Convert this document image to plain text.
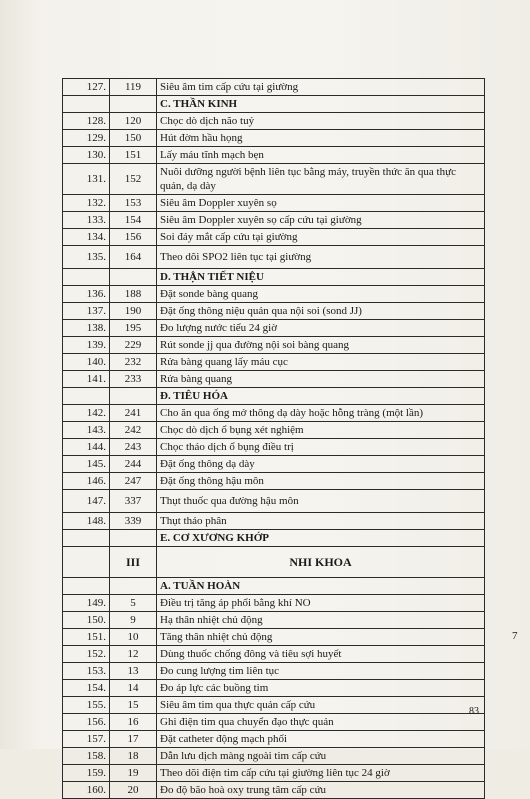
127.	119	Siêu âm tim cấp cứu tại giường
		C. THẦN KINH
128.	120	Chọc dò dịch não tuỷ
129.	150	Hút đờm hầu họng
130.	151	Lấy máu tĩnh mạch bẹn
131.	152	Nuôi dưỡng người bệnh liên tục bằng máy, truyền thức ăn qua thực quản, dạ dày
132.	153	Siêu âm Doppler xuyên sọ
133.	154	Siêu âm Doppler xuyên sọ cấp cứu tại giường
134.	156	Soi đáy mắt cấp cứu tại giường
135.	164	Theo dõi SPO2 liên tục tại giường
		D. THẬN TIẾT NIỆU
136.	188	Đặt sonde bàng quang
137.	190	Đặt ống thông niệu quản qua nội soi (sond JJ)
138.	195	Đo lượng nước tiểu 24 giờ
139.	229	Rút sonde jj qua đường nội soi bàng quang
140.	232	Rửa bàng quang lấy máu cục
141.	233	Rửa bàng quang
		Đ. TIÊU HÓA
142.	241	Cho ăn qua ống mở thông dạ dày hoặc hỗng tràng (một lần)
143.	242	Chọc dò dịch ổ bụng xét nghiệm
144.	243	Chọc tháo dịch ổ bụng điều trị
145.	244	Đặt ống thông dạ dày
146.	247	Đặt ống thông hậu môn
147.	337	Thụt thuốc qua đường hậu môn
148.	339	Thụt tháo phân
		E. CƠ XƯƠNG KHỚP
	III	NHI KHOA
		A. TUẦN HOÀN
149.	5	Điều trị tăng áp phổi bằng khí NO
150.	9	Hạ thân nhiệt chủ động
151.	10	Tăng thân nhiệt chủ động
152.	12	Dùng thuốc chống đông và tiêu sợi huyết
153.	13	Đo cung lượng tim liên tục
154.	14	Đo áp lực các buồng tim
155.	15	Siêu âm tim qua thực quản cấp cứu
156.	16	Ghi điện tim qua chuyển đạo thực quản
157.	17	Đặt catheter động mạch phổi
158.	18	Dẫn lưu dịch màng ngoài tim cấp cứu
159.	19	Theo dõi điện tim cấp cứu tại giường liên tục 24 giờ
160.	20	Đo độ bão hoà oxy trung tâm cấp cứu
7
83
